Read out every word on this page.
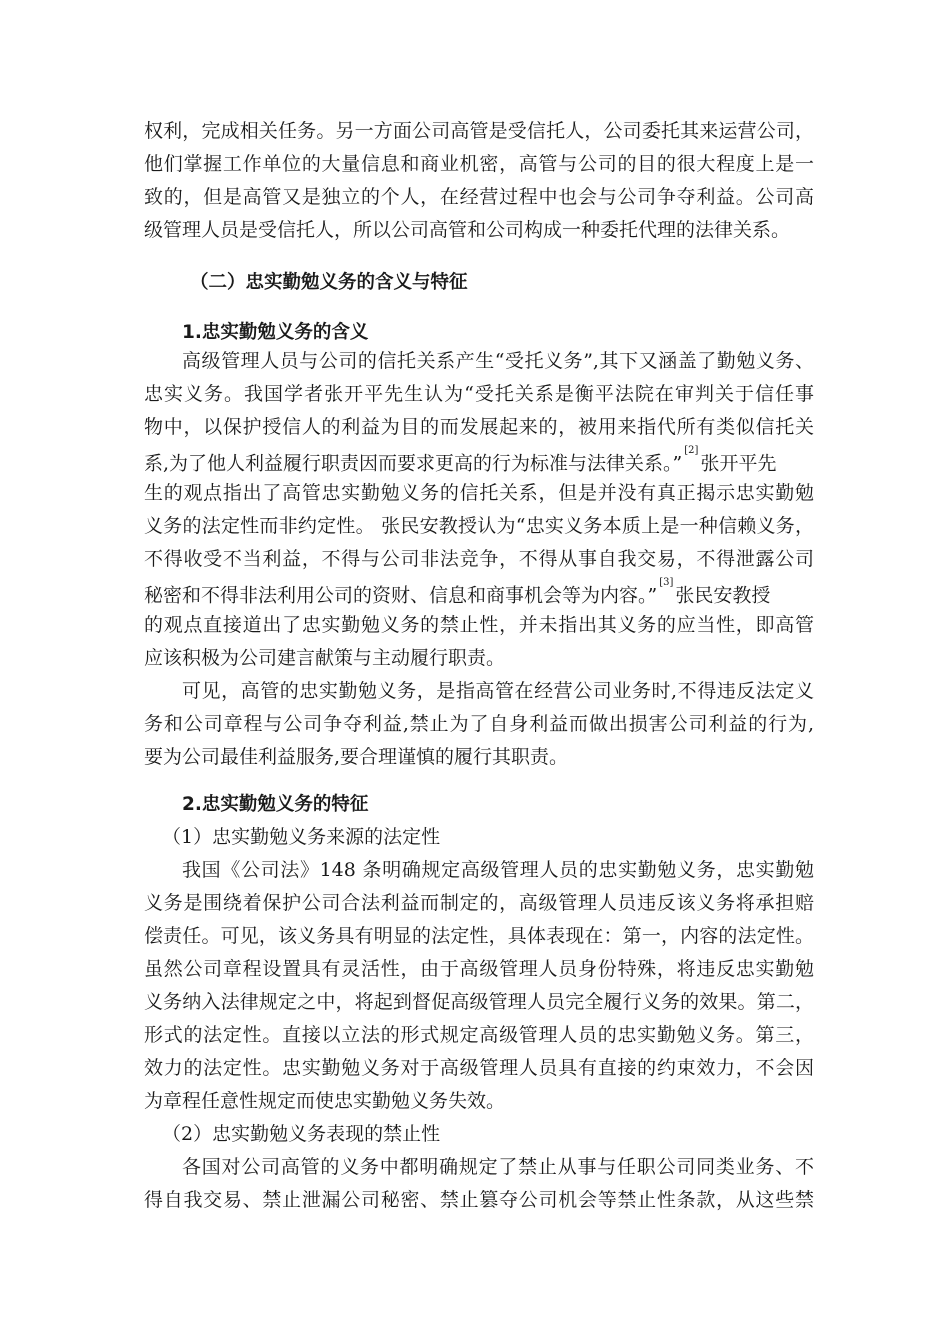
权利，完成相关任务。另一方面公司高管是受信托人，公司委托其来运营公司，
他们掌握工作单位的大量信息和商业机密，高管与公司的目的很大程度上是一
致的，但是高管又是独立的个人，在经营过程中也会与公司争夺利益。公司高
级管理人员是受信托人，所以公司高管和公司构成一种委托代理的法律关系。
（二）忠实勤勉义务的含义与特征
1.忠实勤勉义务的含义
高级管理人员与公司的信托关系产生“受托义务”,其下又涵盖了勤勉义务、
忠实义务。我国学者张开平先生认为“受托关系是衡平法院在审判关于信任事
物中，以保护授信人的利益为目的而发展起来的，被用来指代所有类似信托关
系,为了他人利益履行职责因而要求更高的行为标准与法律关系。”[2]张开平先
生的观点指出了高管忠实勤勉义务的信托关系，但是并没有真正揭示忠实勤勉
义务的法定性而非约定性。 张民安教授认为“忠实义务本质上是一种信赖义务，
不得收受不当利益，不得与公司非法竞争，不得从事自我交易，不得泄露公司
秘密和不得非法利用公司的资财、信息和商事机会等为内容。”[3]张民安教授
的观点直接道出了忠实勤勉义务的禁止性，并未指出其义务的应当性，即高管
应该积极为公司建言献策与主动履行职责。
可见，高管的忠实勤勉义务，是指高管在经营公司业务时,不得违反法定义
务和公司章程与公司争夺利益,禁止为了自身利益而做出损害公司利益的行为,
要为公司最佳利益服务,要合理谨慎的履行其职责。
2.忠实勤勉义务的特征
（1）忠实勤勉义务来源的法定性
我国《公司法》148 条明确规定高级管理人员的忠实勤勉义务，忠实勤勉
义务是围绕着保护公司合法利益而制定的，高级管理人员违反该义务将承担赔
偿责任。可见，该义务具有明显的法定性，具体表现在：第一，内容的法定性。
虽然公司章程设置具有灵活性，由于高级管理人员身份特殊，将违反忠实勤勉
义务纳入法律规定之中，将起到督促高级管理人员完全履行义务的效果。第二，
形式的法定性。直接以立法的形式规定高级管理人员的忠实勤勉义务。第三，
效力的法定性。忠实勤勉义务对于高级管理人员具有直接的约束效力，不会因
为章程任意性规定而使忠实勤勉义务失效。
（2）忠实勤勉义务表现的禁止性
各国对公司高管的义务中都明确规定了禁止从事与任职公司同类业务、不
得自我交易、禁止泄漏公司秘密、禁止篡夺公司机会等禁止性条款，从这些禁
